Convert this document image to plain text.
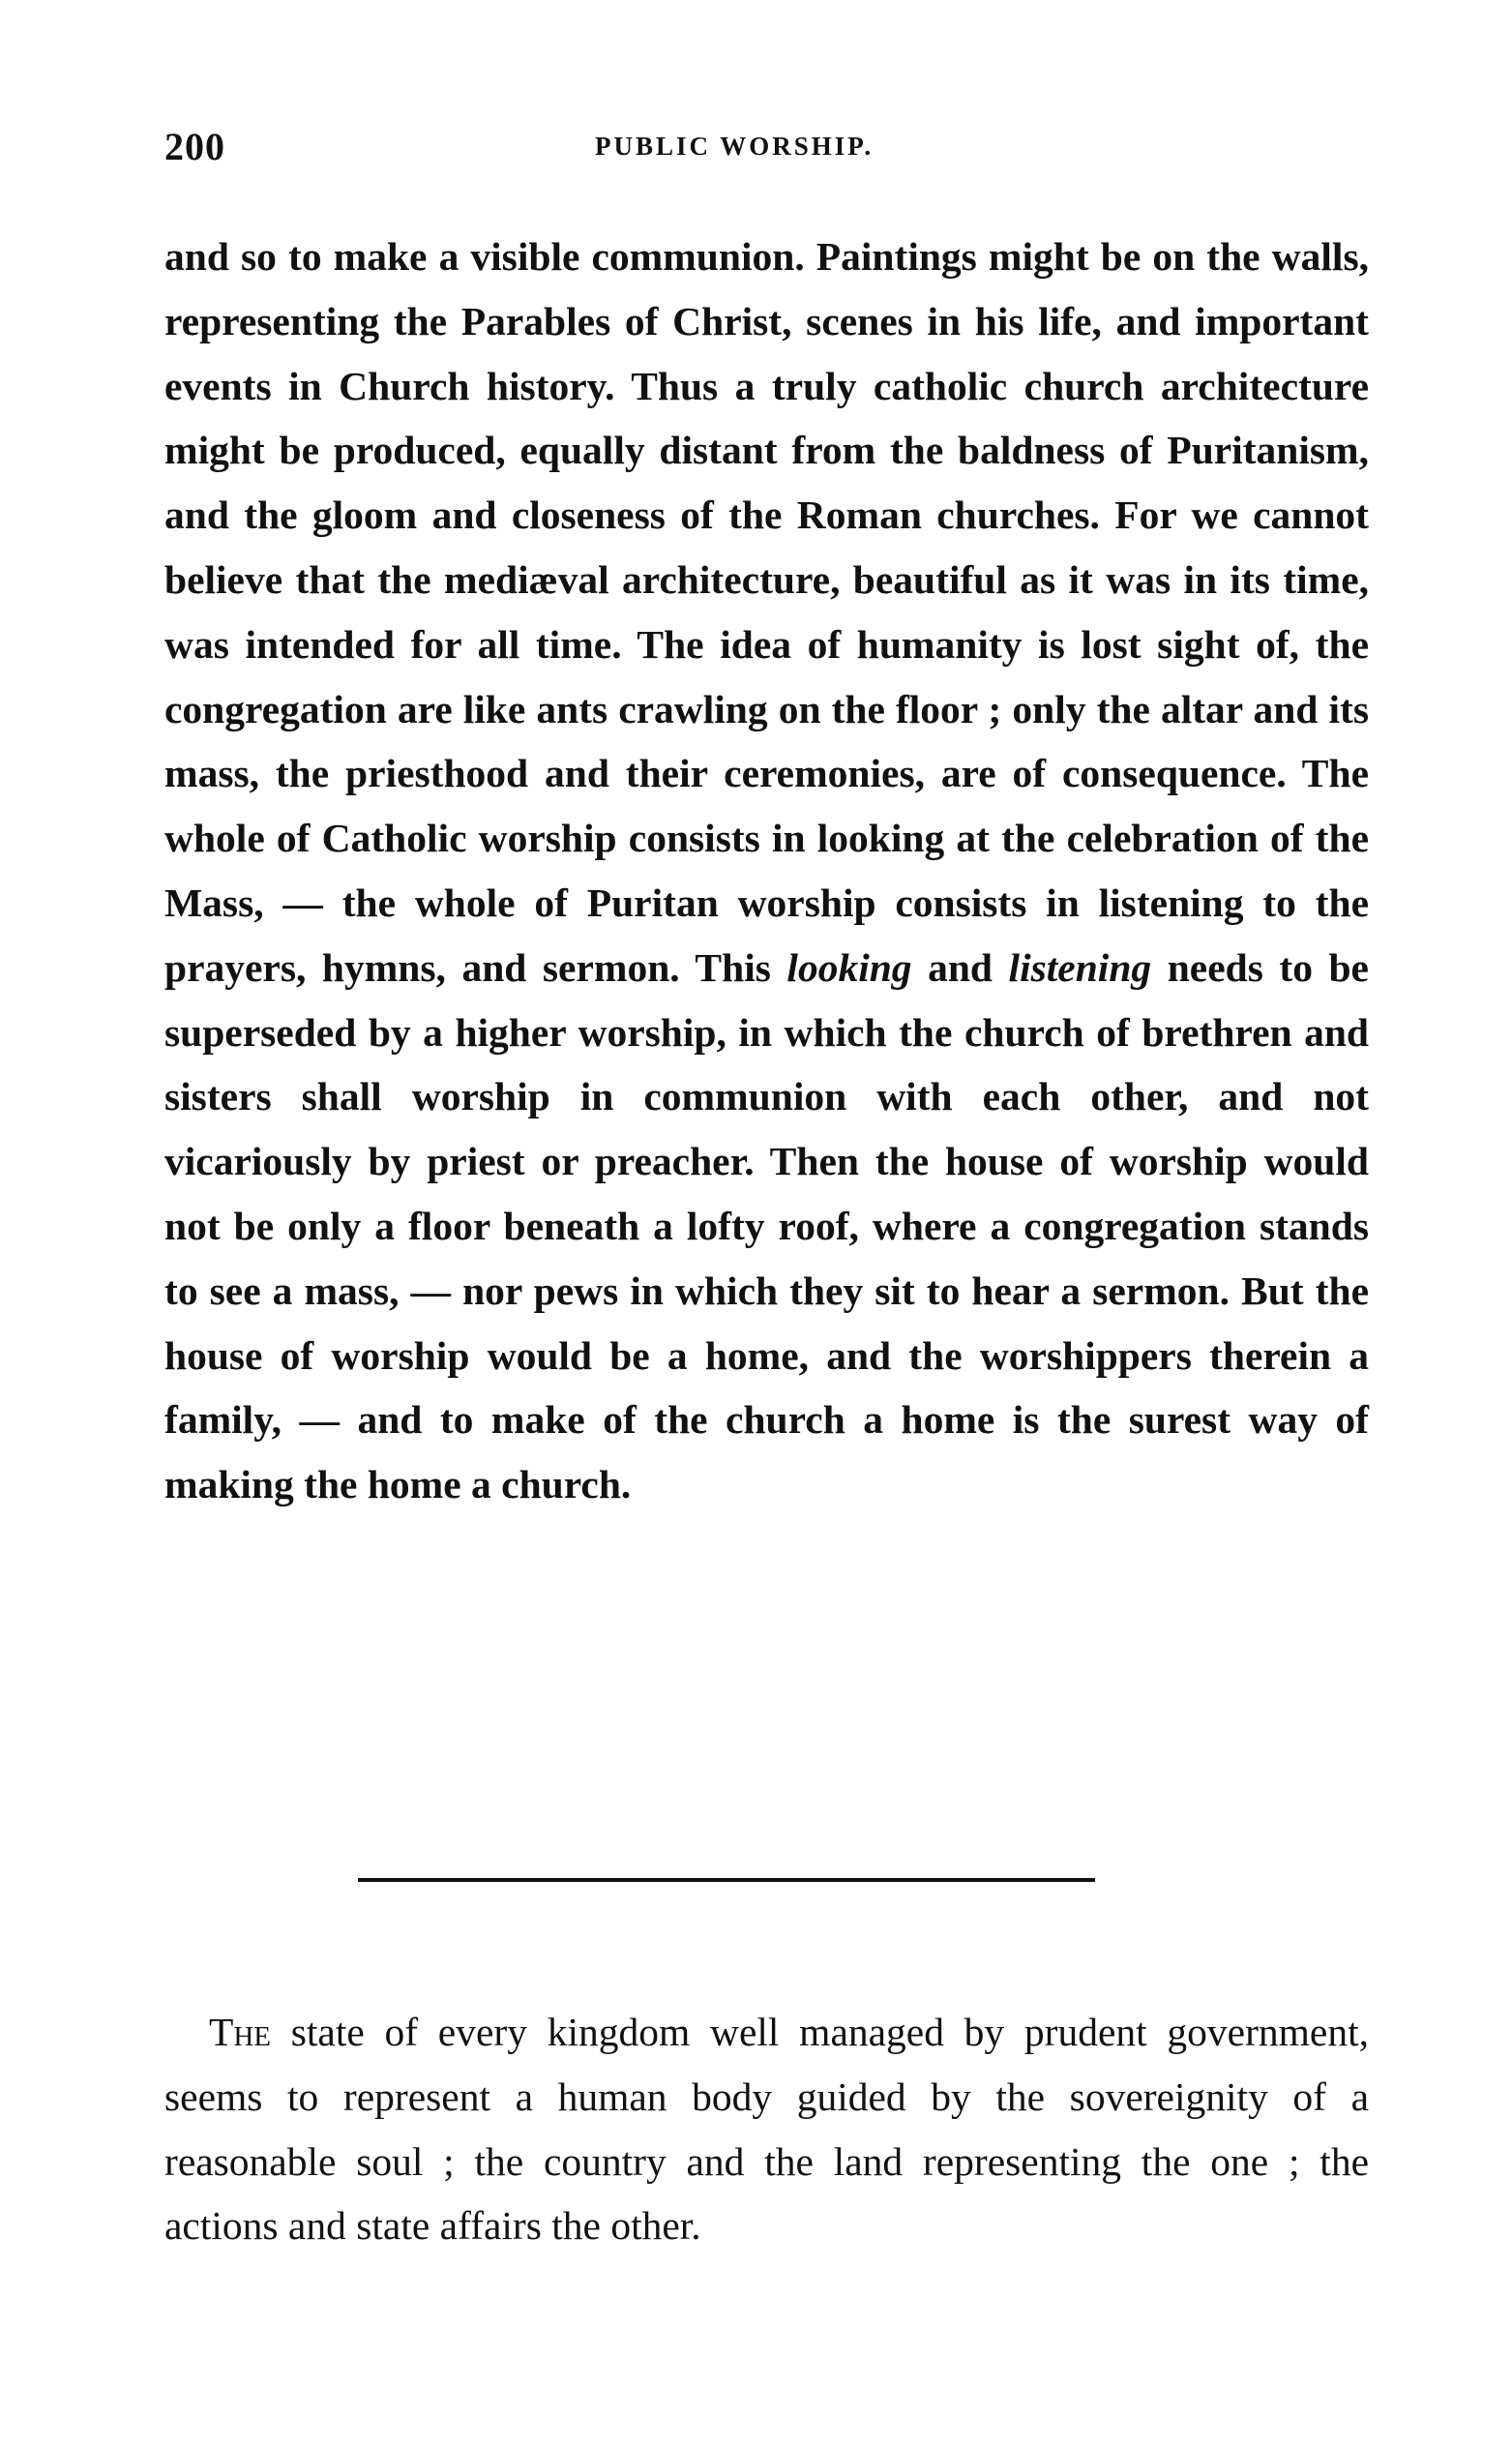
200	PUBLIC WORSHIP.

and so to make a visible communion. Paintings might be on the walls, representing the Parables of Christ, scenes in his life, and important events in Church history. Thus a truly catholic church architecture might be produced, equally distant from the baldness of Puritanism, and the gloom and closeness of the Roman churches. For we cannot believe that the mediæval architecture, beautiful as it was in its time, was intended for all time. The idea of humanity is lost sight of, the congregation are like ants crawling on the floor ; only the altar and its mass, the priesthood and their ceremonies, are of consequence. The whole of Catholic worship consists in looking at the celebration of the Mass, — the whole of Puritan worship consists in listening to the prayers, hymns, and sermon. This looking and listening needs to be superseded by a higher worship, in which the church of brethren and sisters shall worship in communion with each other, and not vicariously by priest or preacher. Then the house of worship would not be only a floor beneath a lofty roof, where a congregation stands to see a mass, — nor pews in which they sit to hear a sermon. But the house of worship would be a home, and the worshippers therein a family, — and to make of the church a home is the surest way of making the home a church.

The state of every kingdom well managed by prudent government, seems to represent a human body guided by the sovereignity of a reasonable soul ; the country and the land representing the one ; the actions and state affairs the other.
